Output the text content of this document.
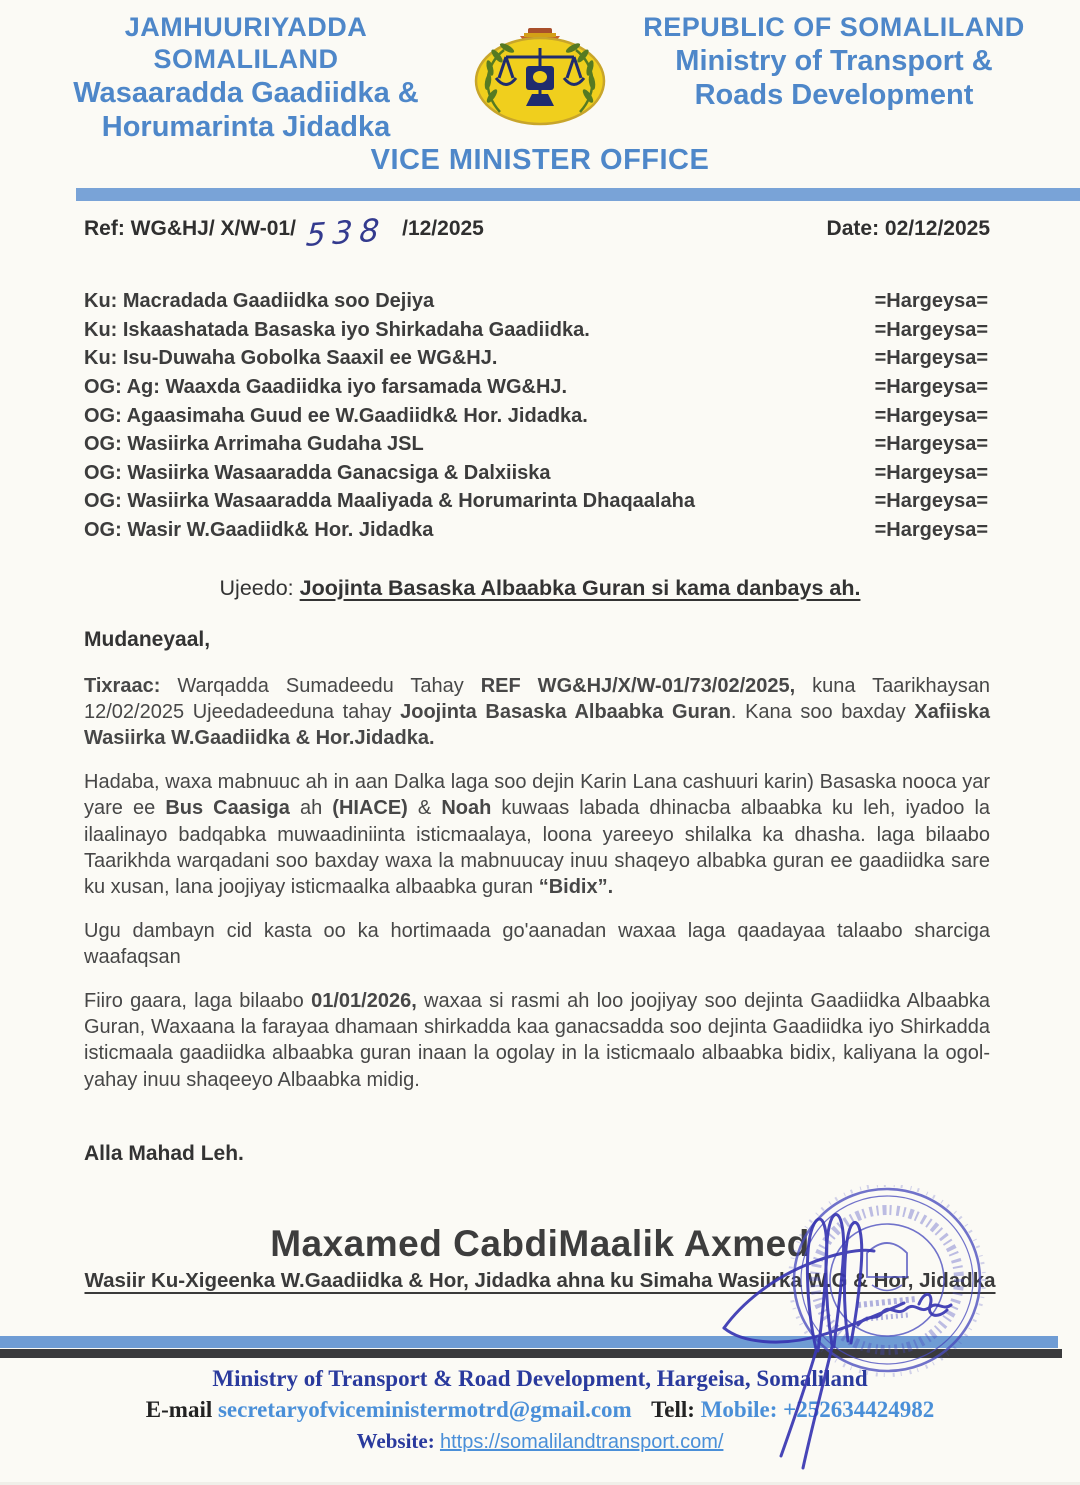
JAMHUURIYADDA SOMALILAND
Wasaaradda Gaadiidka &
Horumarinta Jidadka
REPUBLIC OF SOMALILAND
Ministry of Transport &
Roads Development
VICE MINISTER OFFICE
Ref: WG&HJ/ X/W-01/ 538 /12/2025	Date: 02/12/2025
Ku: Macradada Gaadiidka soo Dejiya	=Hargeysa=
Ku: Iskaashatada Basaska iyo Shirkadaha Gaadiidka.	=Hargeysa=
Ku: Isu-Duwaha Gobolka Saaxil ee WG&HJ.	=Hargeysa=
OG: Ag: Waaxda Gaadiidka iyo farsamada WG&HJ.	=Hargeysa=
OG: Agaasimaha Guud ee W.Gaadiidk& Hor. Jidadka.	=Hargeysa=
OG: Wasiirka Arrimaha Gudaha JSL	=Hargeysa=
OG: Wasiirka Wasaaradda Ganacsiga & Dalxiiska	=Hargeysa=
OG: Wasiirka Wasaaradda Maaliyada & Horumarinta Dhaqaalaha	=Hargeysa=
OG: Wasir W.Gaadiidk& Hor. Jidadka	=Hargeysa=
Ujeedo: Joojinta Basaska Albaabka Guran si kama danbays ah.
Mudaneyaal,
Tixraac: Warqadda Sumadeedu Tahay REF WG&HJ/X/W-01/73/02/2025, kuna Taarikhaysan 12/02/2025 Ujeedadeeduna tahay Joojinta Basaska Albaabka Guran. Kana soo baxday Xafiiska Wasiirka W.Gaadiidka & Hor.Jidadka.
Hadaba, waxa mabnuuc ah in aan Dalka laga soo dejin Karin Lana cashuuri karin) Basaska nooca yar yare ee Bus Caasiga ah (HIACE) & Noah kuwaas labada dhinacba albaabka ku leh, iyadoo la ilaalinayo badqabka muwaadiniinta isticmaalaya, loona yareeyo shilalka ka dhasha. laga bilaabo Taarikhda warqadani soo baxday waxa la mabnuucay inuu shaqeyo albabka guran ee gaadiidka sare ku xusan, lana joojiyay isticmaalka albaabka guran “Bidix”.
Ugu dambayn cid kasta oo ka hortimaada go'aanadan waxaa laga qaadayaa talaabo sharciga waafaqsan
Fiiro gaara, laga bilaabo 01/01/2026, waxaa si rasmi ah loo joojiyay soo dejinta Gaadiidka Albaabka Guran, Waxaana la farayaa dhamaan shirkadda kaa ganacsadda soo dejinta Gaadiidka iyo Shirkadda isticmaala gaadiidka albaabka guran inaan la ogolay in la isticmaalo albaabka bidix, kaliyana la ogol-yahay inuu shaqeeyo Albaabka midig.
Alla Mahad Leh.
Maxamed CabdiMaalik Axmed
Wasiir Ku-Xigeenka W.Gaadiidka & Hor, Jidadka ahna ku Simaha Wasiirka W.G & Hor, Jidadka
Ministry of Transport & Road Development, Hargeisa, Somaliland
E-mail secretaryofviceministermotrd@gmail.com Tell: Mobile: +252634424982
Website: https://somalilandtransport.com/
